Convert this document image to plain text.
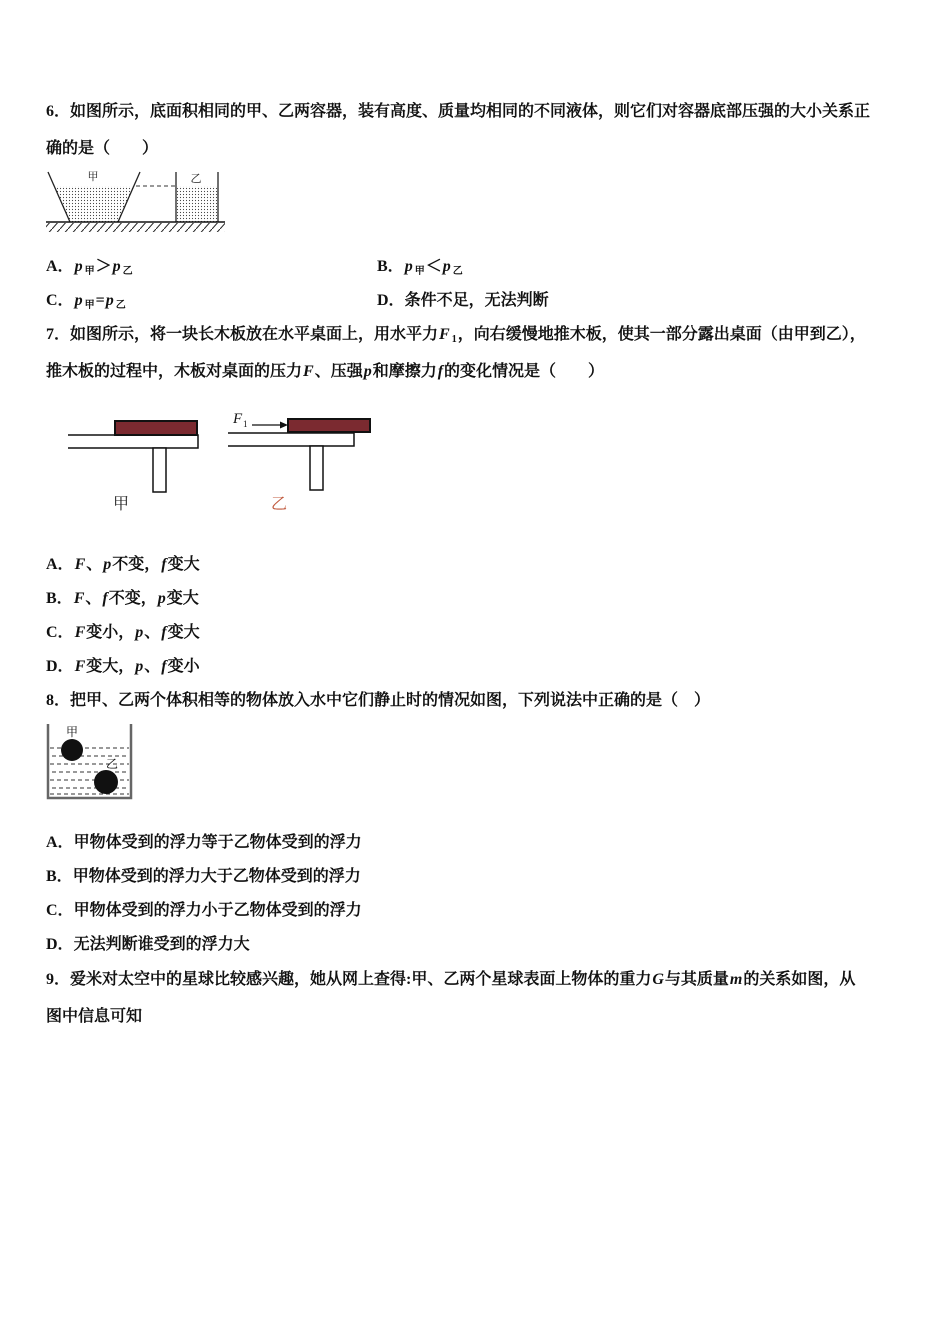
6．如图所示，底面积相同的甲、乙两容器，装有高度、质量均相同的不同液体，则它们对容器底部压强的大小关系正
确的是（　　）
甲	乙
A．p 甲＞p 乙	B．p 甲＜p 乙
C．p 甲=p 乙	D．条件不足，无法判断
7．如图所示，将一块长木板放在水平桌面上，用水平力F 1，向右缓慢地推木板，使其一部分露出桌面（由甲到乙），
推木板的过程中，木板对桌面的压力F、压强p和摩擦力f的变化情况是（　　）
甲
F 1
乙
A．F、p不变，f变大
B．F、f不变，p变大
C．F变小，p、f变大
D．F变大，p、f变小
8．把甲、乙两个体积相等的物体放入水中它们静止时的情况如图，下列说法中正确的是（　）
甲
乙
A．甲物体受到的浮力等于乙物体受到的浮力
B．甲物体受到的浮力大于乙物体受到的浮力
C．甲物体受到的浮力小于乙物体受到的浮力
D．无法判断谁受到的浮力大
9．爱米对太空中的星球比较感兴趣，她从网上查得:甲、乙两个星球表面上物体的重力G与其质量m的关系如图，从
图中信息可知
